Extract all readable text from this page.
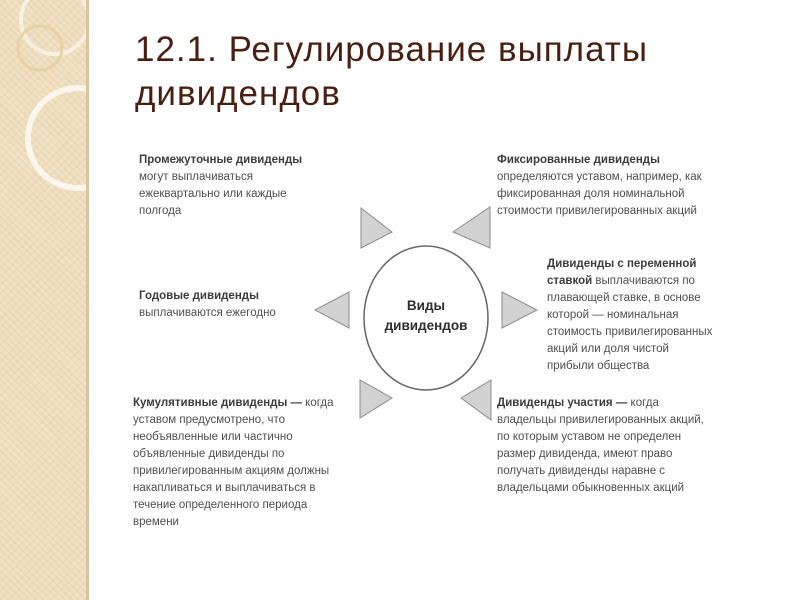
12.1. Регулирование выплаты дивидендов
Виды
дивидендов
Промежуточные дивиденды
могут выплачиваться
ежеквартально или каждые
полгода
Фиксированные дивиденды
определяются уставом, например, как
фиксированная доля номинальной
стоимости привилегированных акций
Годовые дивиденды
выплачиваются ежегодно
Дивиденды с переменной
ставкой выплачиваются по
плавающей ставке, в основе
которой — номинальная
стоимость привилегированных
акций или доля чистой
прибыли общества
Кумулятивные дивиденды — когда
уставом предусмотрено, что
необъявленные или частично
объявленные дивиденды по
привилегированным акциям должны
накапливаться и выплачиваться в
течение определенного периода
времени
Дивиденды участия — когда
владельцы привилегированных акций,
по которым уставом не определен
размер дивиденда, имеют право
получать дивиденды наравне с
владельцами обыкновенных акций
